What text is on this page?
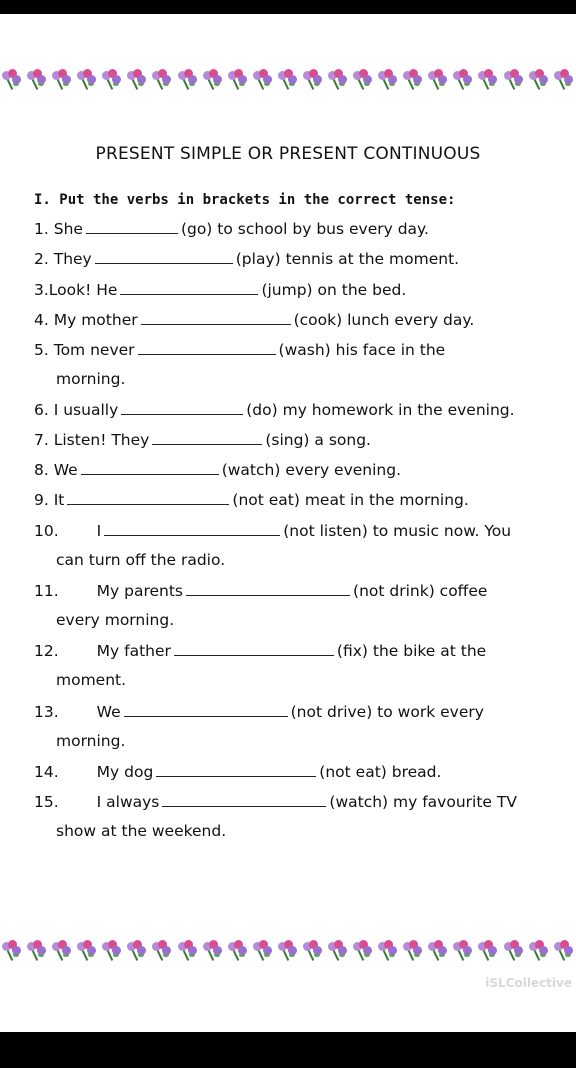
PRESENT SIMPLE OR PRESENT CONTINUOUS
I. Put the verbs in brackets in the correct tense:
1. She	(go) to school by bus every day.
2. They	(play) tennis at the moment.
3.Look! He	(jump) on the bed.
4. My mother	(cook) lunch every day.
5. Tom never	(wash) his face in the
morning.
6. I usually	(do) my homework in the evening.
7. Listen! They	(sing) a song.
8. We	(watch) every evening.
9. It	(not eat) meat in the morning.
10. I	(not listen) to music now. You
can turn off the radio.
11. My parents	(not drink) coffee
every morning.
12. My father	(fix) the bike at the
moment.
13. We	(not drive) to work every
morning.
14. My dog	(not eat) bread.
15. I always	(watch) my favourite TV
show at the weekend.
iSLCollective
